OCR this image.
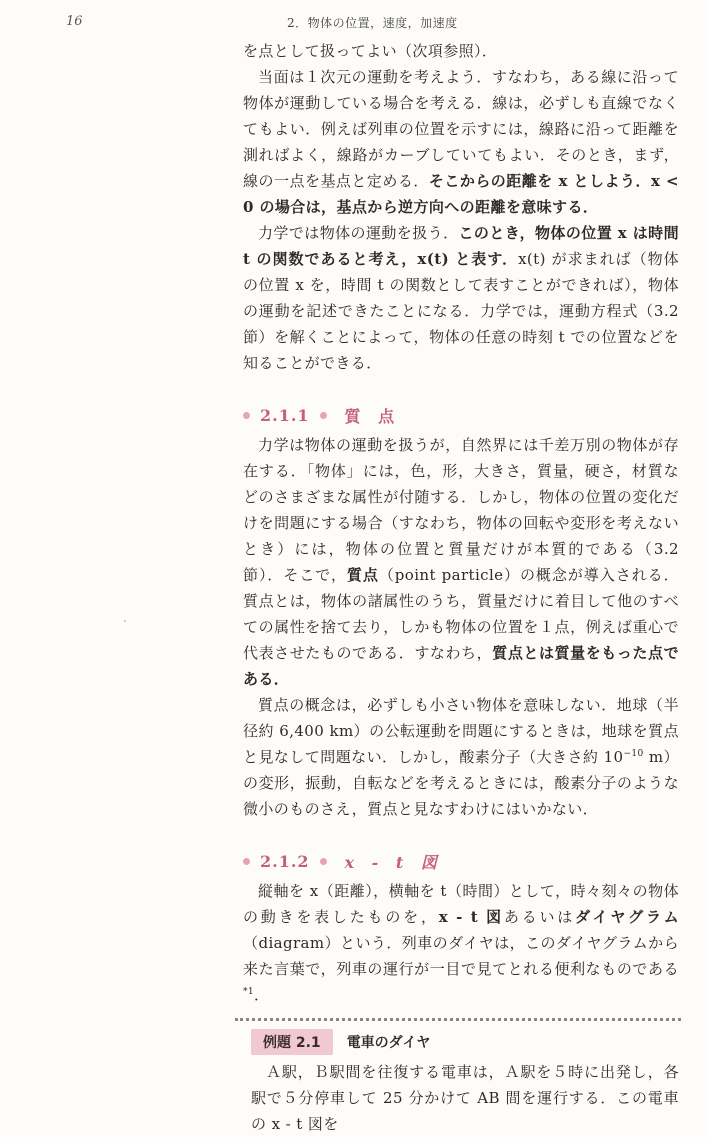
16	2．物体の位置，速度，加速度

を点として扱ってよい（次項参照）．

当面は１次元の運動を考えよう．すなわち，ある線に沿って物体が運動している場合を考える．線は，必ずしも直線でなくてもよい．例えば列車の位置を示すには，線路に沿って距離を測ればよく，線路がカーブしていてもよい．そのとき，まず，線の一点を基点と定める．そこからの距離を x としよう．x < 0 の場合は，基点から逆方向への距離を意味する．

力学では物体の運動を扱う．このとき，物体の位置 x は時間 t の関数であると考え，x(t) と表す．x(t) が求まれば（物体の位置 x を，時間 t の関数として表すことができれば），物体の運動を記述できたことになる．力学では，運動方程式（3.2 節）を解くことによって，物体の任意の時刻 t での位置などを知ることができる．

2.1.1 質 点

力学は物体の運動を扱うが，自然界には千差万別の物体が存在する．「物体」には，色，形，大きさ，質量，硬さ，材質などのさまざまな属性が付随する．しかし，物体の位置の変化だけを問題にする場合（すなわち，物体の回転や変形を考えないとき）には，物体の位置と質量だけが本質的である（3.2 節）．そこで，質点（point particle）の概念が導入される．質点とは，物体の諸属性のうち，質量だけに着目して他のすべての属性を捨て去り，しかも物体の位置を１点，例えば重心で代表させたものである．すなわち，質点とは質量をもった点である．

質点の概念は，必ずしも小さい物体を意味しない．地球（半径約 6,400 km）の公転運動を問題にするときは，地球を質点と見なして問題ない．しかし，酸素分子（大きさ約 $10^{-10}$ m）の変形，振動，自転などを考えるときには，酸素分子のような微小のものさえ，質点と見なすわけにはいかない．

2.1.2 x - t 図

縦軸を x（距離），横軸を t（時間）として，時々刻々の物体の動きを表したものを，x - t 図あるいはダイヤグラム（diagram）という．列車のダイヤは，このダイヤグラムから来た言葉で，列車の運行が一目で見てとれる便利なものである$^{*1}$．

例題 2.1	電車のダイヤ

Ａ駅，Ｂ駅間を往復する電車は，Ａ駅を５時に出発し，各駅で５分停車して 25 分かけて AB 間を運行する．この電車の x - t 図を
